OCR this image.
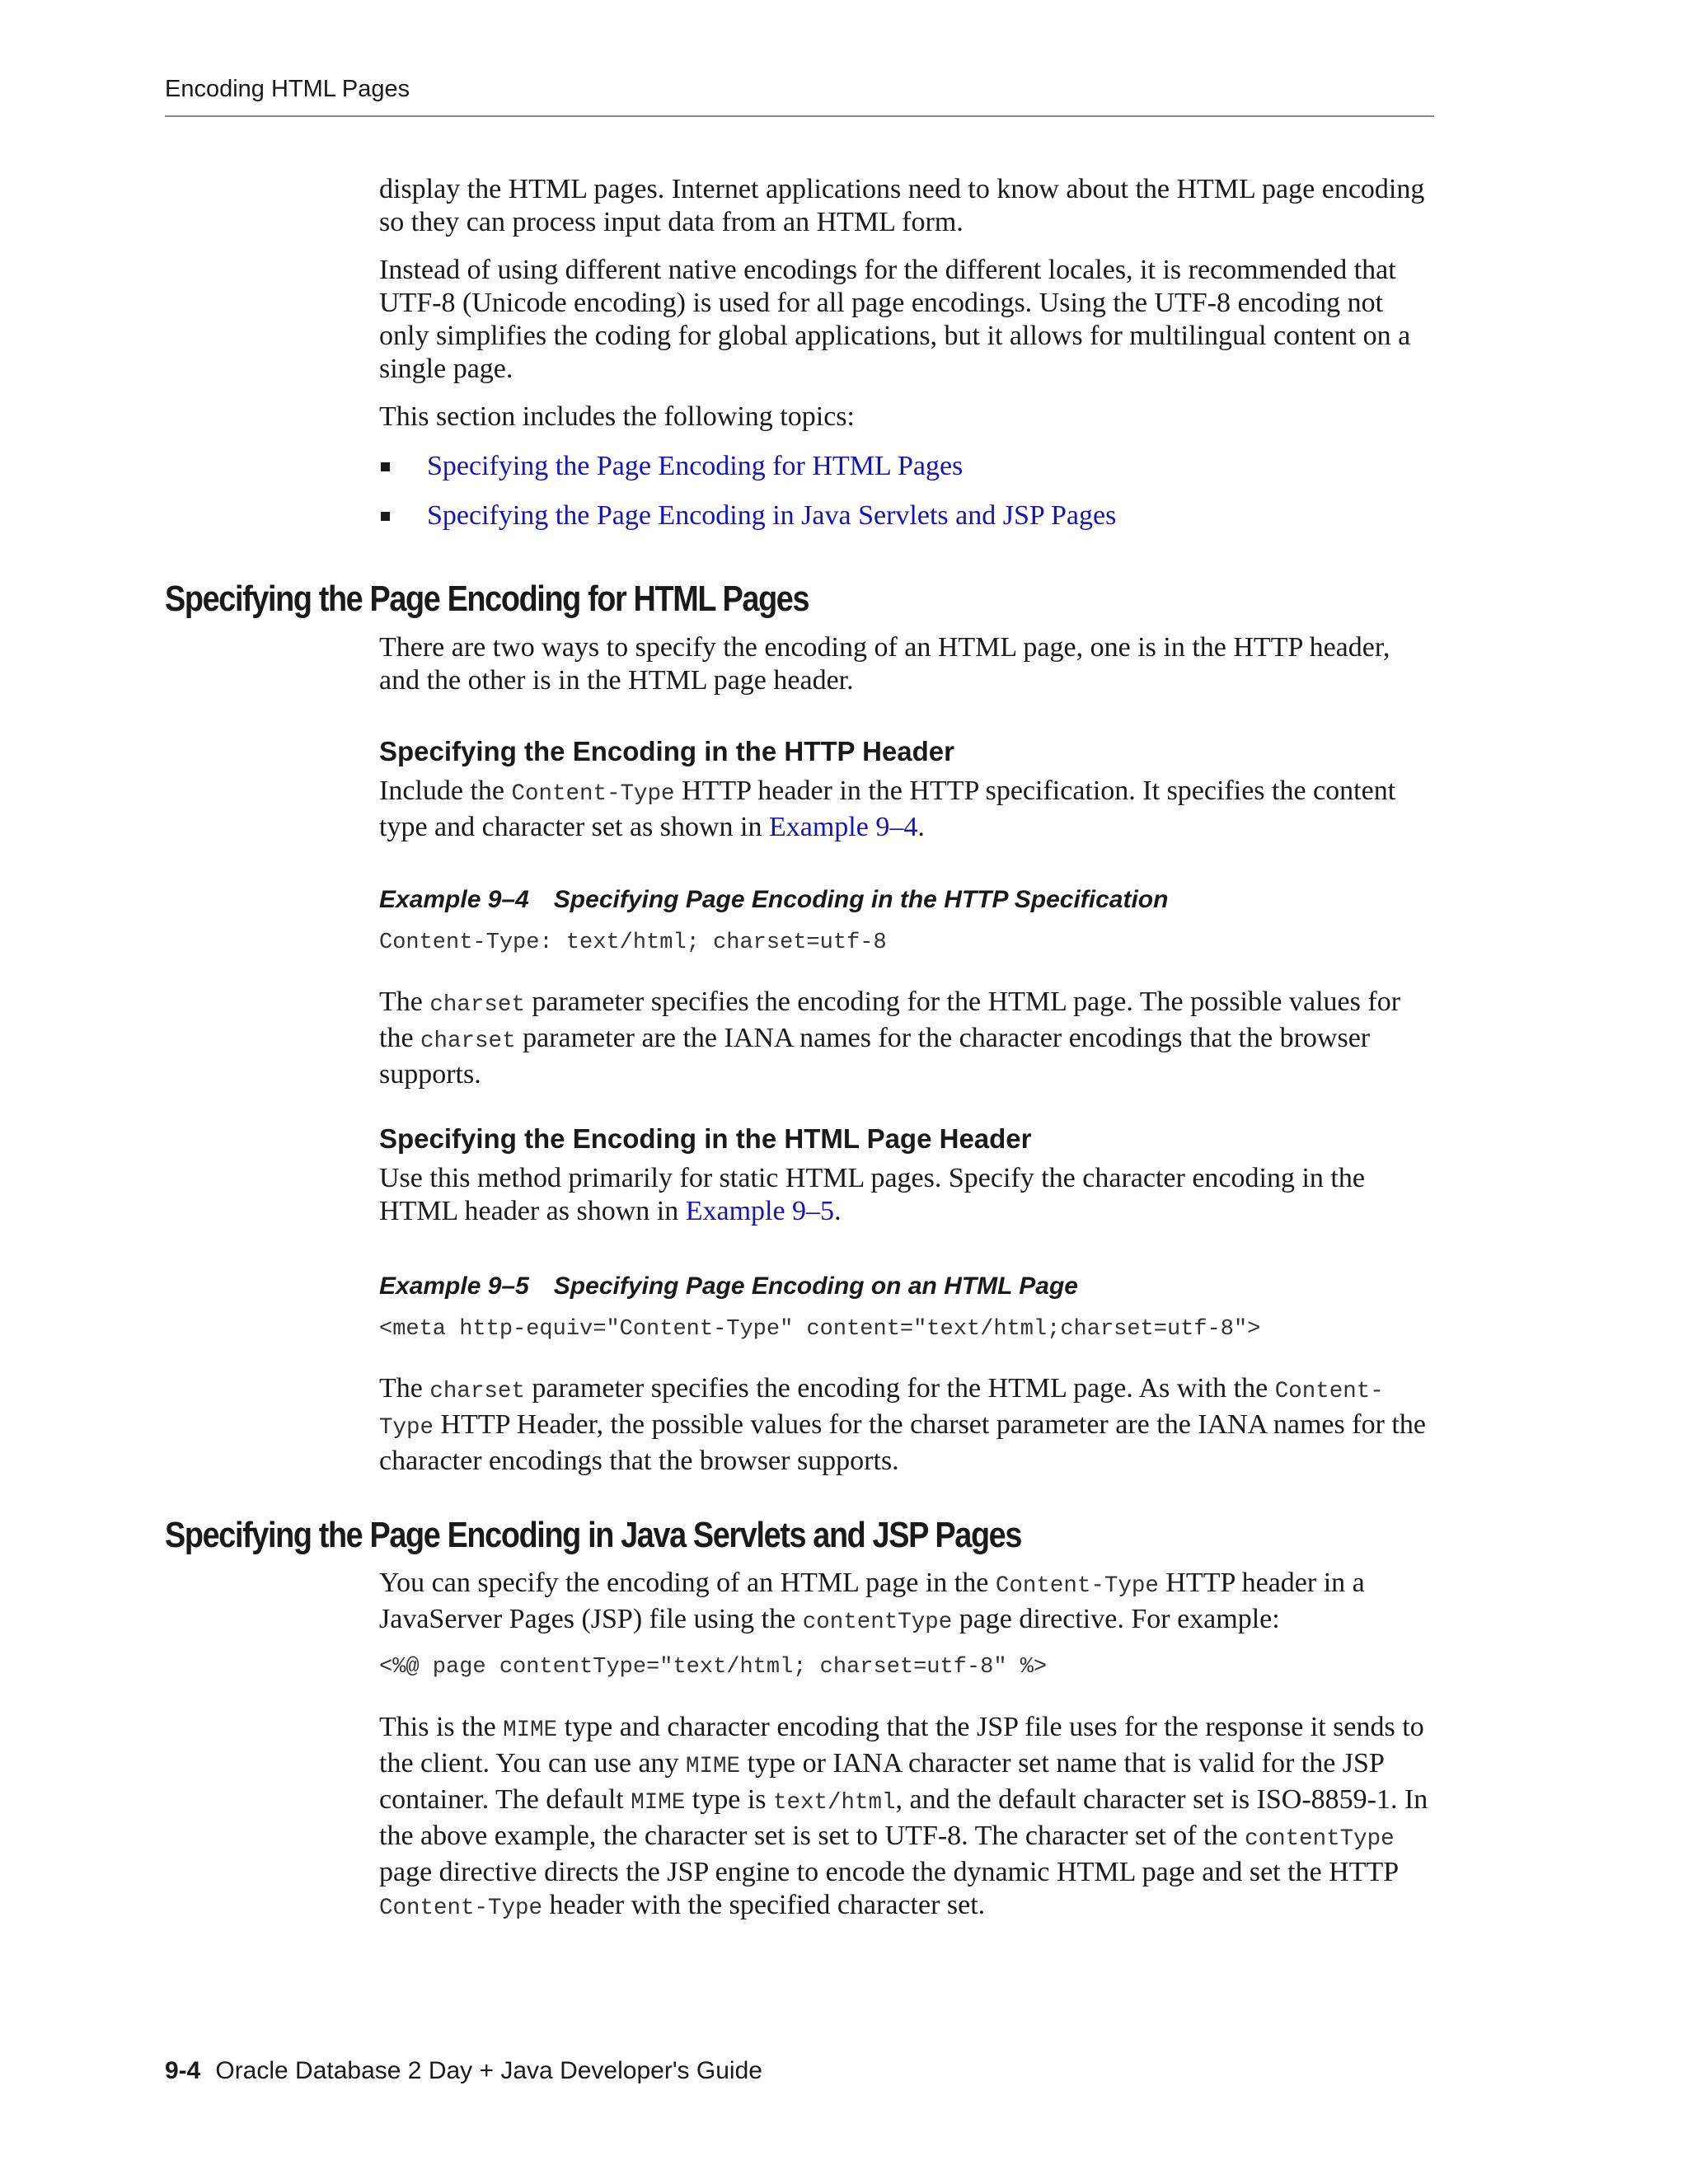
Encoding HTML Pages

display the HTML pages. Internet applications need to know about the HTML page encoding so they can process input data from an HTML form.

Instead of using different native encodings for the different locales, it is recommended that UTF-8 (Unicode encoding) is used for all page encodings. Using the UTF-8 encoding not only simplifies the coding for global applications, but it allows for multilingual content on a single page.

This section includes the following topics:

Specifying the Page Encoding for HTML Pages
Specifying the Page Encoding in Java Servlets and JSP Pages
Specifying the Page Encoding for HTML Pages

There are two ways to specify the encoding of an HTML page, one is in the HTTP header, and the other is in the HTML page header.

Specifying the Encoding in the HTTP Header

Include the Content-Type HTTP header in the HTTP specification. It specifies the content type and character set as shown in Example 9–4.

Example 9–4 Specifying Page Encoding in the HTTP Specification
Content-Type: text/html; charset=utf-8

The charset parameter specifies the encoding for the HTML page. The possible values for the charset parameter are the IANA names for the character encodings that the browser supports.

Specifying the Encoding in the HTML Page Header

Use this method primarily for static HTML pages. Specify the character encoding in the HTML header as shown in Example 9–5.

Example 9–5 Specifying Page Encoding on an HTML Page
<meta http-equiv="Content-Type" content="text/html;charset=utf-8">

The charset parameter specifies the encoding for the HTML page. As with the Content-Type HTTP Header, the possible values for the charset parameter are the IANA names for the character encodings that the browser supports.

Specifying the Page Encoding in Java Servlets and JSP Pages

You can specify the encoding of an HTML page in the Content-Type HTTP header in a JavaServer Pages (JSP) file using the contentType page directive. For example:

<%@ page contentType="text/html; charset=utf-8" %>

This is the MIME type and character encoding that the JSP file uses for the response it sends to the client. You can use any MIME type or IANA character set name that is valid for the JSP container. The default MIME type is text/html, and the default character set is ISO-8859-1. In the above example, the character set is set to UTF-8. The character set of the contentType page directive directs the JSP engine to encode the dynamic HTML page and set the HTTP Content-Type header with the specified character set.

9-4 Oracle Database 2 Day + Java Developer's Guide
